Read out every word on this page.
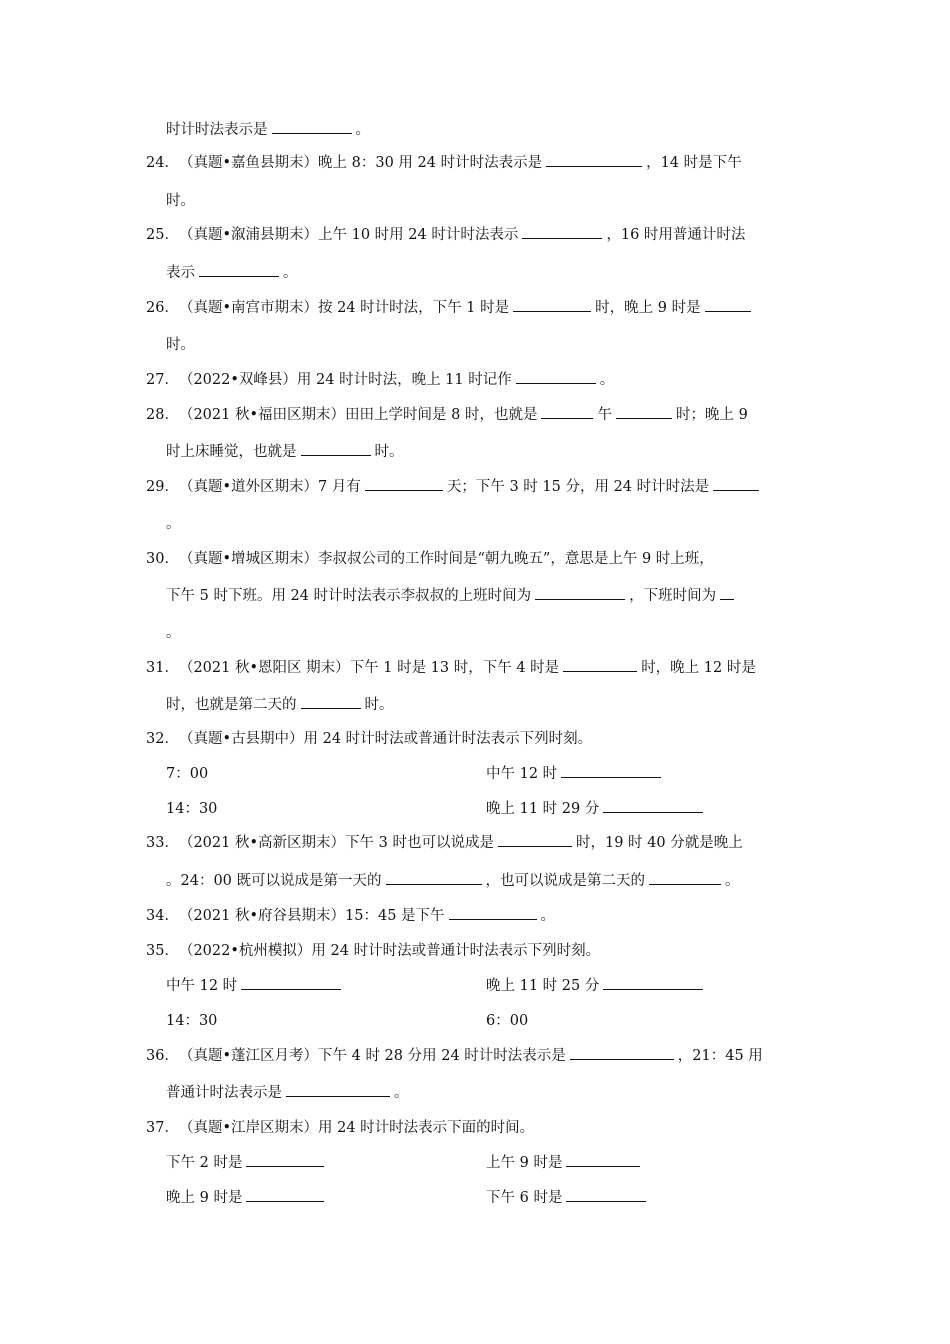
时计时法表示是	。
24．（真题•嘉鱼县期末）晚上 8：30 用 24 时计时法表示是	，14 时是下午
时。
25．（真题•溆浦县期末）上午 10 时用 24 时计时法表示	，16 时用普通计时法
表示	。
26．（真题•南宫市期末）按 24 时计时法，下午 1 时是	时，晚上 9 时是
时。
27．（2022•双峰县）用 24 时计时法，晚上 11 时记作	。
28．（2021 秋•福田区期末）田田上学时间是 8 时，也就是	午	时；晚上 9
时上床睡觉，也就是	时。
29．（真题•道外区期末）7 月有	天；下午 3 时 15 分，用 24 时计时法是
。
30．（真题•增城区期末）李叔叔公司的工作时间是“朝九晚五”，意思是上午 9 时上班，
下午 5 时下班。用 24 时计时法表示李叔叔的上班时间为	，下班时间为
。
31．（2021 秋•恩阳区 期末）下午 1 时是 13 时，下午 4 时是	时，晚上 12 时是
时，也就是第二天的	时。
32．（真题•古县期中）用 24 时计时法或普通计时法表示下列时刻。
7：00	中午 12 时
14：30	晚上 11 时 29 分
33．（2021 秋•高新区期末）下午 3 时也可以说成是	时，19 时 40 分就是晚上
。24：00 既可以说成是第一天的	，也可以说成是第二天的	。
34．（2021 秋•府谷县期末）15：45 是下午	。
35．（2022•杭州模拟）用 24 时计时法或普通计时法表示下列时刻。
中午 12 时	晚上 11 时 25 分
14：30	6：00
36．（真题•蓬江区月考）下午 4 时 28 分用 24 时计时法表示是	，21：45 用
普通计时法表示是	。
37．（真题•江岸区期末）用 24 时计时法表示下面的时间。
下午 2 时是	上午 9 时是
晚上 9 时是	下午 6 时是
